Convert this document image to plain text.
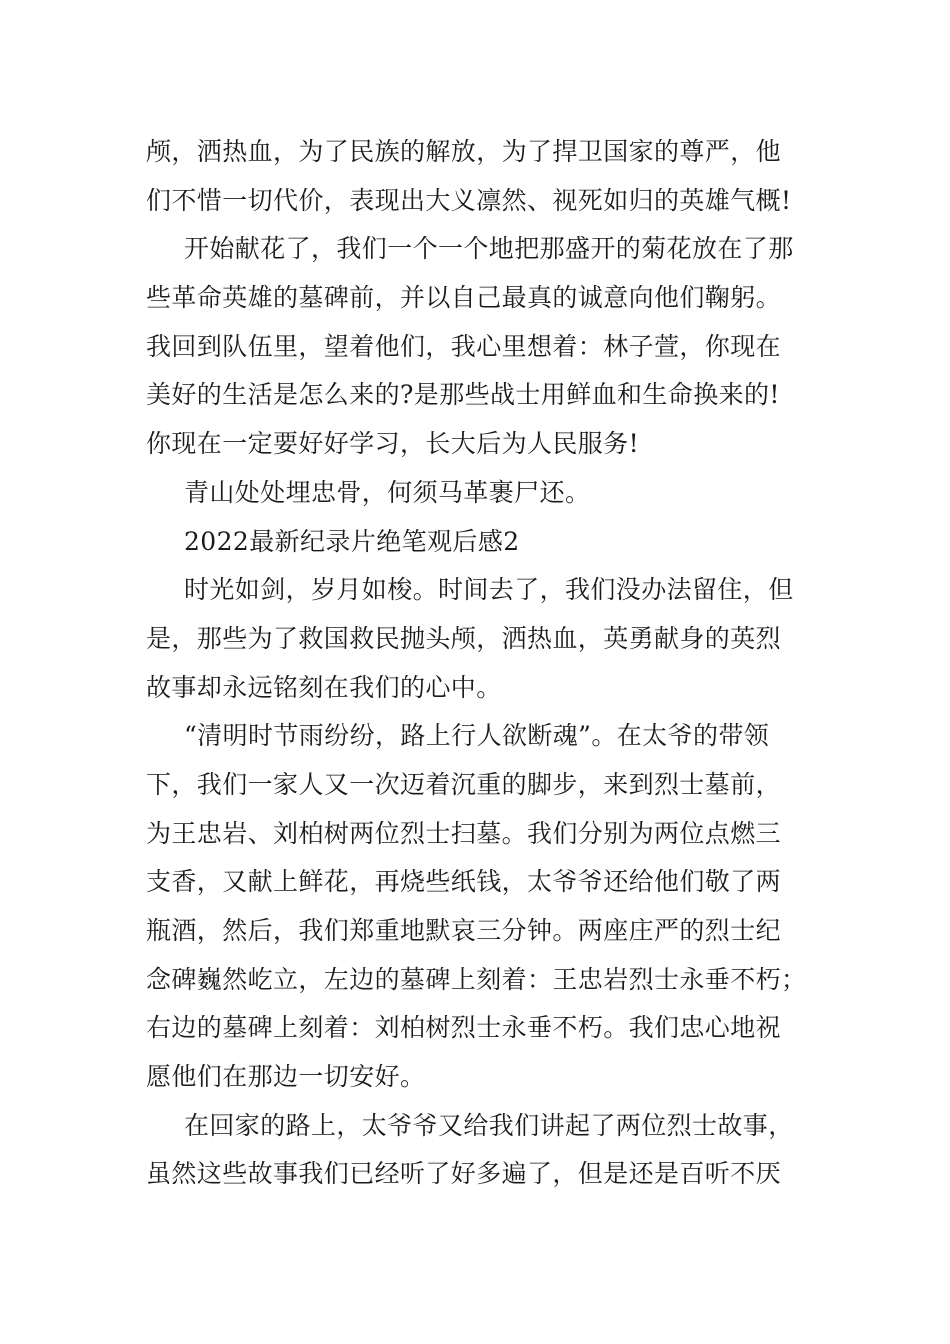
颅，洒热血，为了民族的解放，为了捍卫国家的尊严，他
们不惜一切代价，表现出大义凛然、视死如归的英雄气概!
开始献花了，我们一个一个地把那盛开的菊花放在了那
些革命英雄的墓碑前，并以自己最真的诚意向他们鞠躬。
我回到队伍里，望着他们，我心里想着：林子萱，你现在
美好的生活是怎么来的?是那些战士用鲜血和生命换来的!
你现在一定要好好学习，长大后为人民服务!
青山处处埋忠骨，何须马革裹尸还。
2022最新纪录片绝笔观后感2
时光如剑，岁月如梭。时间去了，我们没办法留住，但
是，那些为了救国救民抛头颅，洒热血，英勇献身的英烈
故事却永远铭刻在我们的心中。
“清明时节雨纷纷，路上行人欲断魂”。在太爷的带领
下，我们一家人又一次迈着沉重的脚步，来到烈士墓前，
为王忠岩、刘柏树两位烈士扫墓。我们分别为两位点燃三
支香，又献上鲜花，再烧些纸钱，太爷爷还给他们敬了两
瓶酒，然后，我们郑重地默哀三分钟。两座庄严的烈士纪
念碑巍然屹立，左边的墓碑上刻着：王忠岩烈士永垂不朽；
右边的墓碑上刻着：刘柏树烈士永垂不朽。我们忠心地祝
愿他们在那边一切安好。
在回家的路上，太爷爷又给我们讲起了两位烈士故事，
虽然这些故事我们已经听了好多遍了，但是还是百听不厌
